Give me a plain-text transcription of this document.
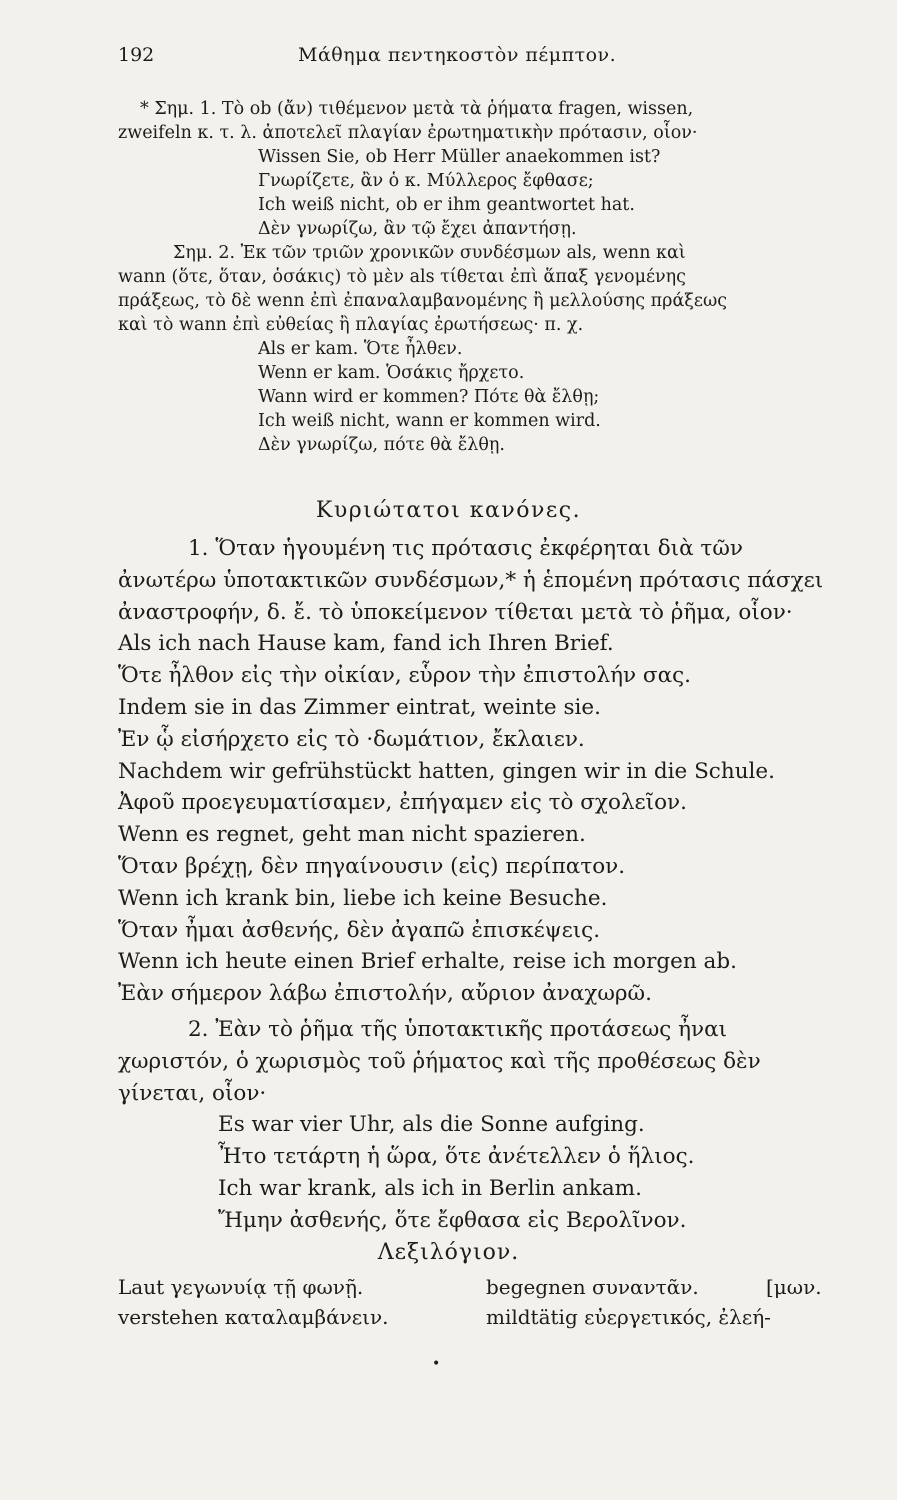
192	Μάθημα πεντηκοστὸν πέμπτον.

* Σημ. 1. Τὸ ob (ἄν) τιθέμενον μετὰ τὰ ῥήματα fragen, wissen,

zweifeln κ. τ. λ. ἀποτελεῖ πλαγίαν ἐρωτηματικὴν πρότασιν, οἷον·

Wissen Sie, ob Herr Müller anaekommen ist?

Γνωρίζετε, ἂν ὁ κ. Μύλλερος ἔφθασε;

Ich weiß nicht, ob er ihm geantwortet hat.

Δὲν γνωρίζω, ἂν τῷ ἔχει ἀπαντήσῃ.

Σημ. 2. Ἐκ τῶν τριῶν χρονικῶν συνδέσμων als, wenn καὶ

wann (ὅτε, ὅταν, ὁσάκις) τὸ μὲν als τίθεται ἐπὶ ἅπαξ γενομένης

πράξεως, τὸ δὲ wenn ἐπὶ ἐπαναλαμβανομένης ἢ μελλούσης πράξεως

καὶ τὸ wann ἐπὶ εὐθείας ἢ πλαγίας ἐρωτήσεως· π. χ.

Als er kam. Ὅτε ἦλθεν.

Wenn er kam. Ὁσάκις ἤρχετο.

Wann wird er kommen? Πότε θὰ ἔλθῃ;

Ich weiß nicht, wann er kommen wird.

Δὲν γνωρίζω, πότε θὰ ἔλθῃ.

Κυριώτατοι κανόνες.

1. Ὅταν ἡγουμένη τις πρότασις ἐκφέρηται διὰ τῶν

ἀνωτέρω ὑποτακτικῶν συνδέσμων,* ἡ ἑπομένη πρότασις πάσχει

ἀναστροφήν, δ. ἔ. τὸ ὑποκείμενον τίθεται μετὰ τὸ ῥῆμα, οἷον·

Als ich nach Hause kam, fand ich Ihren Brief.

Ὅτε ἦλθον εἰς τὴν οἰκίαν, εὗρον τὴν ἐπιστολήν σας.

Indem sie in das Zimmer eintrat, weinte sie.

Ἐν ᾧ εἰσήρχετο εἰς τὸ ·δωμάτιον, ἔκλαιεν.

Nachdem wir gefrühstückt hatten, gingen wir in die Schule.

Ἀφοῦ προεγευματίσαμεν, ἐπήγαμεν εἰς τὸ σχολεῖον.

Wenn es regnet, geht man nicht spazieren.

Ὅταν βρέχῃ, δὲν πηγαίνουσιν (εἰς) περίπατον.

Wenn ich krank bin, liebe ich keine Besuche.

Ὅταν ἦμαι ἀσθενής, δὲν ἀγαπῶ ἐπισκέψεις.

Wenn ich heute einen Brief erhalte, reise ich morgen ab.

Ἐὰν σήμερον λάβω ἐπιστολήν, αὔριον ἀναχωρῶ.

2. Ἐὰν τὸ ῥῆμα τῆς ὑποτακτικῆς προτάσεως ἦναι

χωριστόν, ὁ χωρισμὸς τοῦ ῥήματος καὶ τῆς προθέσεως δὲν

γίνεται, οἷον·

Es war vier Uhr, als die Sonne aufging.

Ἦτο τετάρτη ἡ ὥρα, ὅτε ἀνέτελλεν ὁ ἥλιος.

Ich war krank, als ich in Berlin ankam.

Ἤμην ἀσθενής, ὅτε ἔφθασα εἰς Βερολῖνον.

Λεξιλόγιον.
Laut γεγωνυίᾳ τῇ φωνῇ.
verstehen καταλαμβάνειν.
begegnen συναντᾶν.
mildtätig εὐεργετικός, ἐλεή-
[μων.
•
